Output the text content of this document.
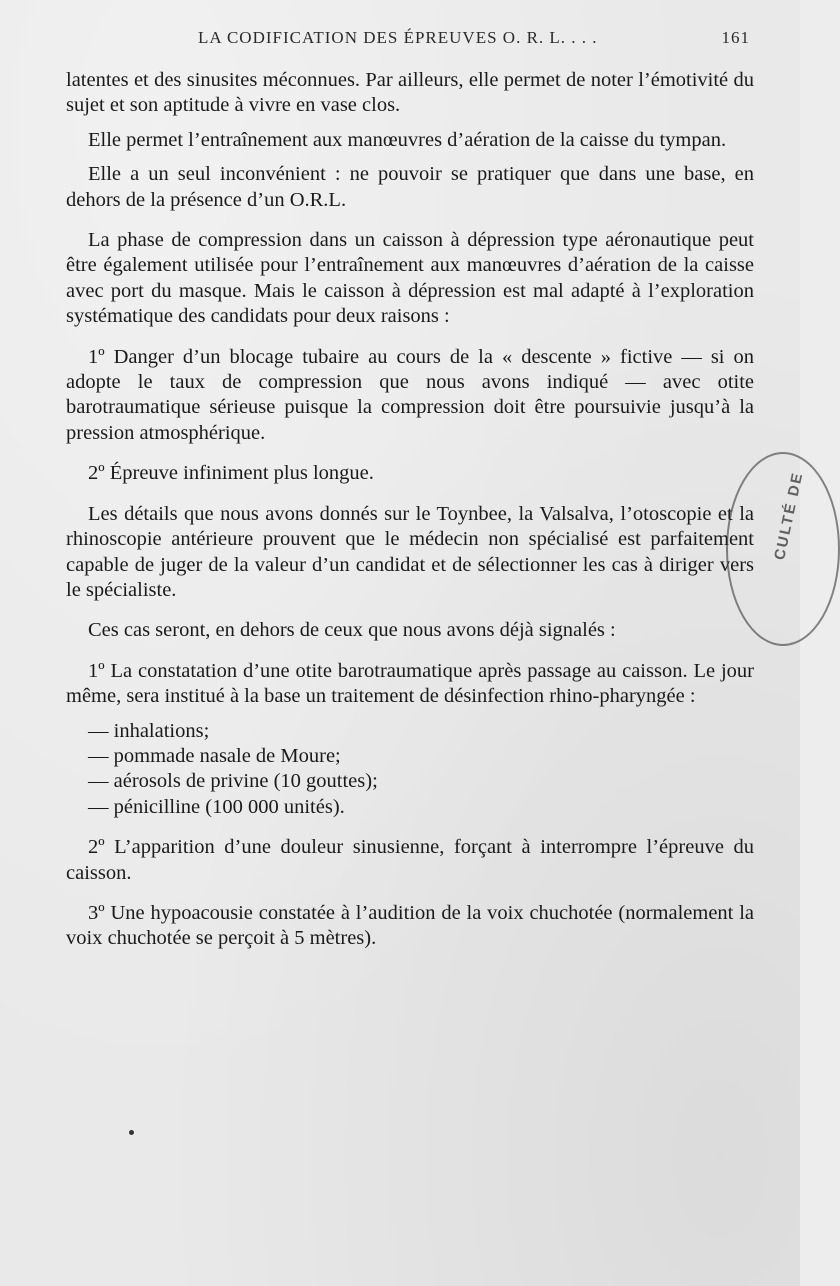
LA CODIFICATION DES ÉPREUVES O. R. L. . . .	161

latentes et des sinusites méconnues. Par ailleurs, elle permet de noter l’émotivité du sujet et son aptitude à vivre en vase clos.

Elle permet l’entraînement aux manœuvres d’aération de la caisse du tympan.

Elle a un seul inconvénient : ne pouvoir se pratiquer que dans une base, en dehors de la présence d’un O.R.L.

La phase de compression dans un caisson à dépression type aéronautique peut être également utilisée pour l’entraînement aux manœuvres d’aération de la caisse avec port du masque. Mais le caisson à dépression est mal adapté à l’exploration systématique des candidats pour deux raisons :

1º Danger d’un blocage tubaire au cours de la « descente » fictive — si on adopte le taux de compression que nous avons indiqué — avec otite barotraumatique sérieuse puisque la compression doit être poursuivie jusqu’à la pression atmosphérique.

2º Épreuve infiniment plus longue.

Les détails que nous avons donnés sur le Toynbee, la Valsalva, l’otoscopie et la rhinoscopie antérieure prouvent que le médecin non spécialisé est parfaitement capable de juger de la valeur d’un candidat et de sélectionner les cas à diriger vers le spécialiste.

Ces cas seront, en dehors de ceux que nous avons déjà signalés :

1º La constatation d’une otite barotraumatique après passage au caisson. Le jour même, sera institué à la base un traitement de désinfection rhino-pharyngée :

— inhalations;
— pommade nasale de Moure;
— aérosols de privine (10 gouttes);
— pénicilline (100 000 unités).

2º L’apparition d’une douleur sinusienne, forçant à interrompre l’épreuve du caisson.

3º Une hypoacousie constatée à l’audition de la voix chuchotée (normalement la voix chuchotée se perçoit à 5 mètres).

CULTÉ DE
